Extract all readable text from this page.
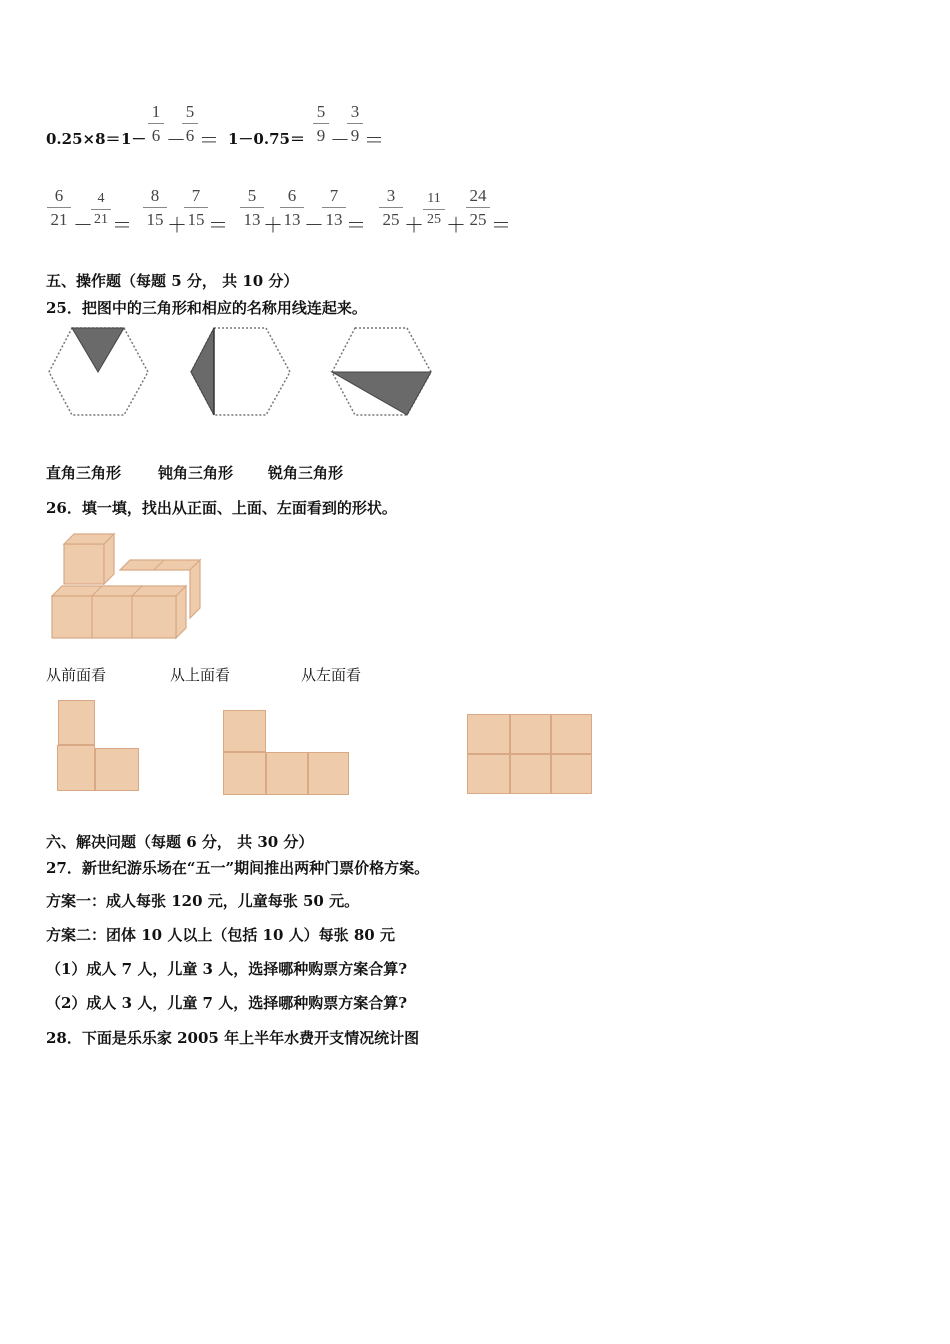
0.25×8＝ 1－
1
6 －
5
6 ＝ 1－0.75＝
5
9 －
3
9 ＝
6
21 －
4
21 ＝
8
15 ＋
7
15 ＝
5
13 ＋
6
13 －
7
13 ＝
3
25 ＋
11
25 ＋
24
25 ＝
五、操作题（每题 5 分， 共 10 分）
25．把图中的三角形和相应的名称用线连起来。
直角三角形 钝角三角形 锐角三角形
26．填一填，找出从正面、上面、左面看到的形状。
从前面看	从上面看	从左面看
六、解决问题（每题 6 分， 共 30 分）
27．新世纪游乐场在“五一”期间推出两种门票价格方案。
方案一：成人每张 120 元，儿童每张 50 元。
方案二：团体 10 人以上（包括 10 人）每张 80 元
（1）成人 7 人，儿童 3 人，选择哪种购票方案合算?
（2）成人 3 人，儿童 7 人，选择哪种购票方案合算?
28．下面是乐乐家 2005 年上半年水费开支情况统计图
